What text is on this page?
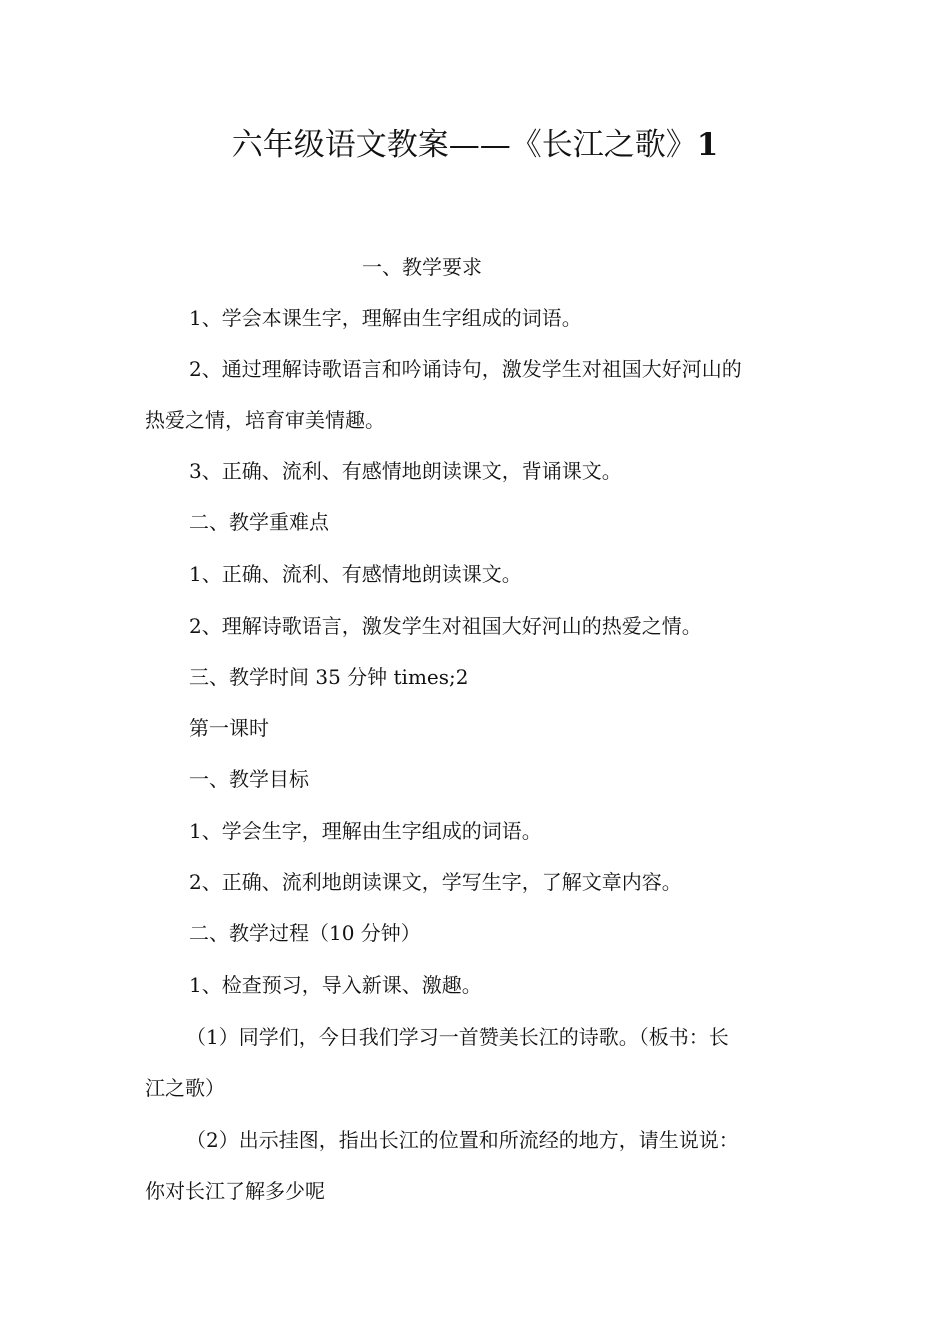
六年级语文教案——《长江之歌》1
一、教学要求
1、学会本课生字，理解由生字组成的词语。
2、通过理解诗歌语言和吟诵诗句，激发学生对祖国大好河山的
热爱之情，培育审美情趣。
3、正确、流利、有感情地朗读课文，背诵课文。
二、教学重难点
1、正确、流利、有感情地朗读课文。
2、理解诗歌语言，激发学生对祖国大好河山的热爱之情。
三、教学时间 35 分钟 times;2
第一课时
一、教学目标
1、学会生字，理解由生字组成的词语。
2、正确、流利地朗读课文，学写生字，了解文章内容。
二、教学过程（10 分钟）
1、检查预习，导入新课、激趣。
（1）同学们，今日我们学习一首赞美长江的诗歌。（板书：长
江之歌）
（2）出示挂图，指出长江的位置和所流经的地方，请生说说：
你对长江了解多少呢
